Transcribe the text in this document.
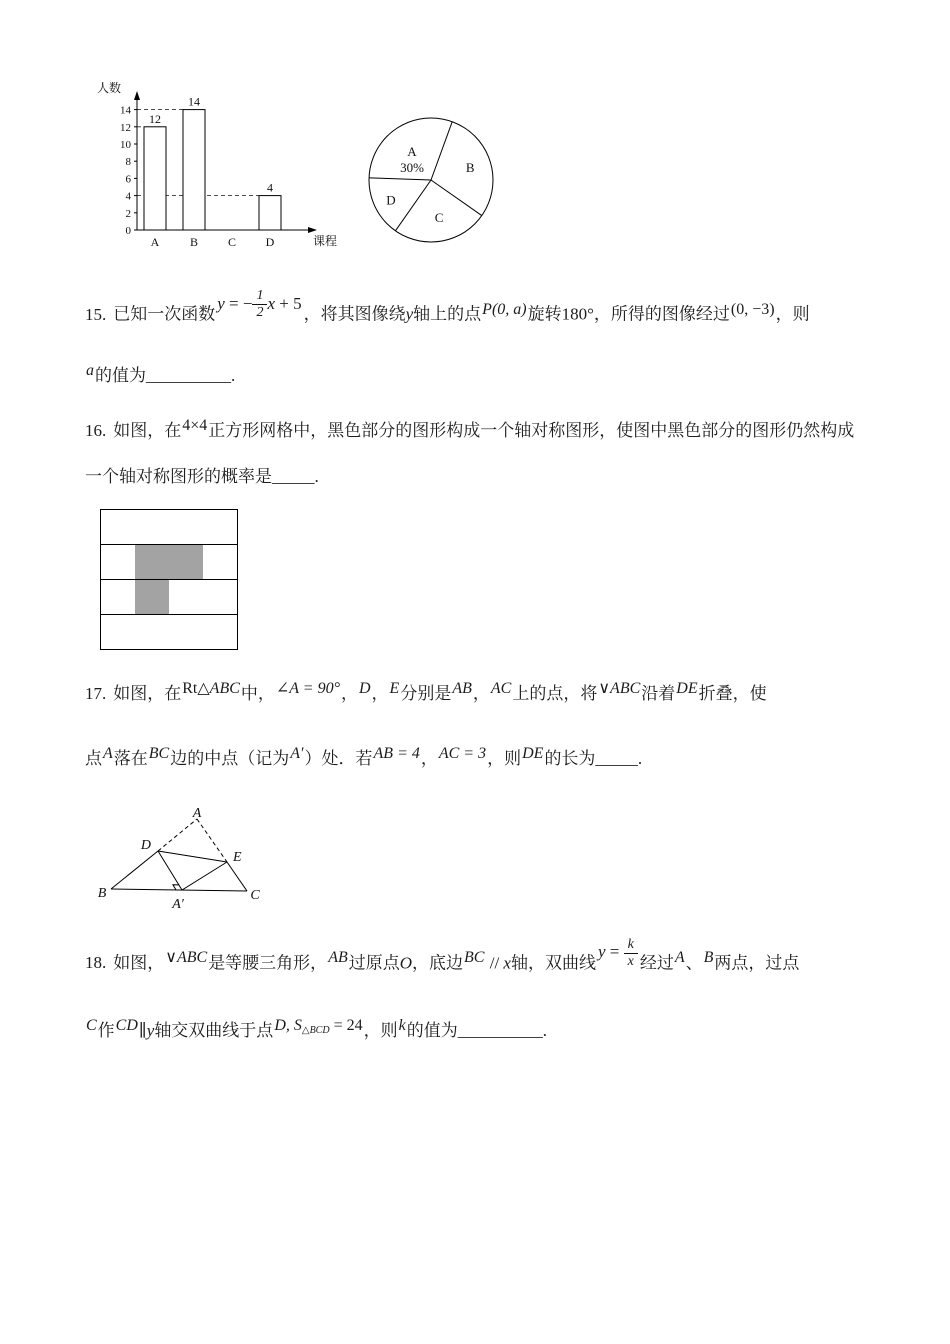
12
14
4
0
2
4
6
8
10
12
14
A	B C D
人数
课程
A
30%	B
C
D

15. 已知一次函数y = − $\frac{1}{2}$ x + 5，将其图像绕y轴上的点P(0, a)旋转180°，所得的图像经过(0, −3)，则

a的值为__________.

16. 如图，在4×4正方形网格中，黑色部分的图形构成一个轴对称图形，使图中黑色部分的图形仍然构成

一个轴对称图形的概率是_____.

17. 如图，在Rt△ABC中，∠A = 90°，D，E分别是AB，AC上的点，将∨ABC沿着DE折叠，使

点A落在BC边的中点（记为A′）处．若AB = 4，AC = 3，则DE的长为_____.

A
D
E
B
A′
C

18. 如图，∨ABC是等腰三角形，AB过原点O，底边BC // x轴，双曲线$y = \frac{k}{x}$ 经过A、B两点，过点

C作CD∥y轴交双曲线于点D, $S_{\triangle BCD} = 24$，则k的值为__________.
